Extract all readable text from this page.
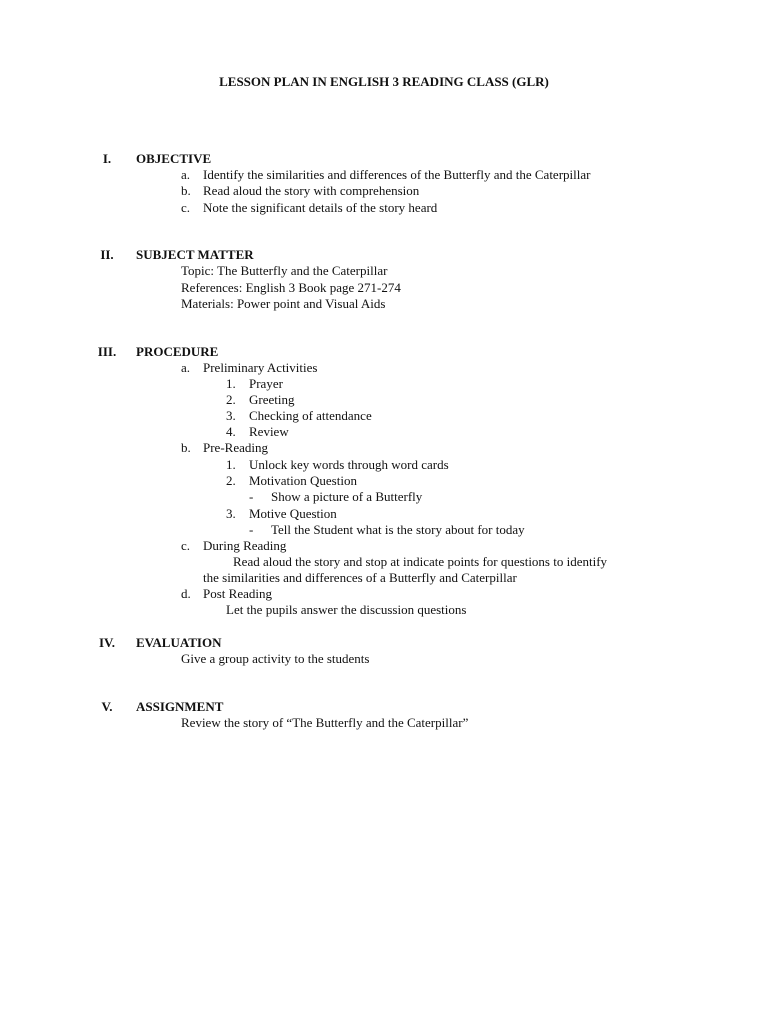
LESSON PLAN IN ENGLISH 3 READING CLASS (GLR)
I.	OBJECTIVE
a. Identify the similarities and differences of the Butterfly and the Caterpillar
b. Read aloud the story with comprehension
c. Note the significant details of the story heard
II.	SUBJECT MATTER
Topic: The Butterfly and the Caterpillar
References: English 3 Book page 271-274
Materials: Power point and Visual Aids
III.	PROCEDURE
a. Preliminary Activities
1. Prayer
2. Greeting
3. Checking of attendance
4. Review
b. Pre-Reading
1. Unlock key words through word cards
2. Motivation Question
- Show a picture of a Butterfly
3. Motive Question
- Tell the Student what is the story about for today
c. During Reading
Read aloud the story and stop at indicate points for questions to identify
the similarities and differences of a Butterfly and Caterpillar
d. Post Reading
Let the pupils answer the discussion questions
IV.	EVALUATION
Give a group activity to the students
V.	ASSIGNMENT
Review the story of “The Butterfly and the Caterpillar”
